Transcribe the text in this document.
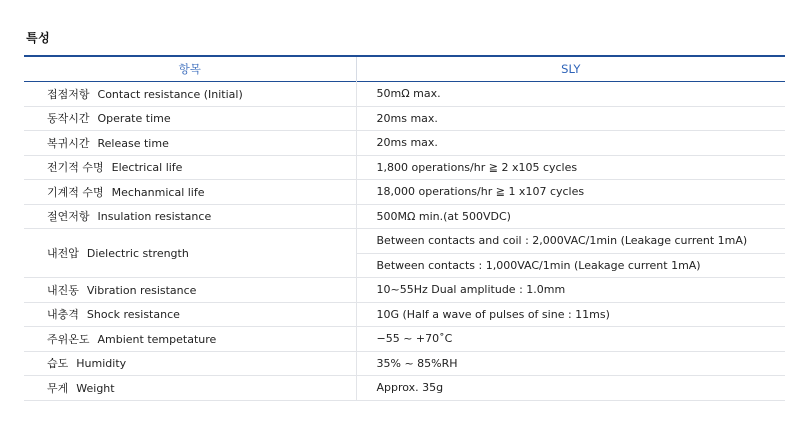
특성
항목	SLY
접점저항 Contact resistance (Initial)	50mΩ max.
동작시간 Operate time	20ms max.
복귀시간 Release time	20ms max.
전기적 수명 Electrical life	1,800 operations/hr ≧ 2 x105 cycles
기계적 수명 Mechanmical life	18,000 operations/hr ≧ 1 x107 cycles
절연저항 Insulation resistance	500MΩ min.(at 500VDC)
내전압 Dielectric strength	Between contacts and coil : 2,000VAC/1min (Leakage current 1mA)
	Between contacts : 1,000VAC/1min (Leakage current 1mA)
내진동 Vibration resistance	10~55Hz Dual amplitude : 1.0mm
내충격 Shock resistance	10G (Half a wave of pulses of sine : 11ms)
주위온도 Ambient tempetature	−55 ~ +70˚C
습도 Humidity	35% ~ 85%RH
무게 Weight	Approx. 35g
